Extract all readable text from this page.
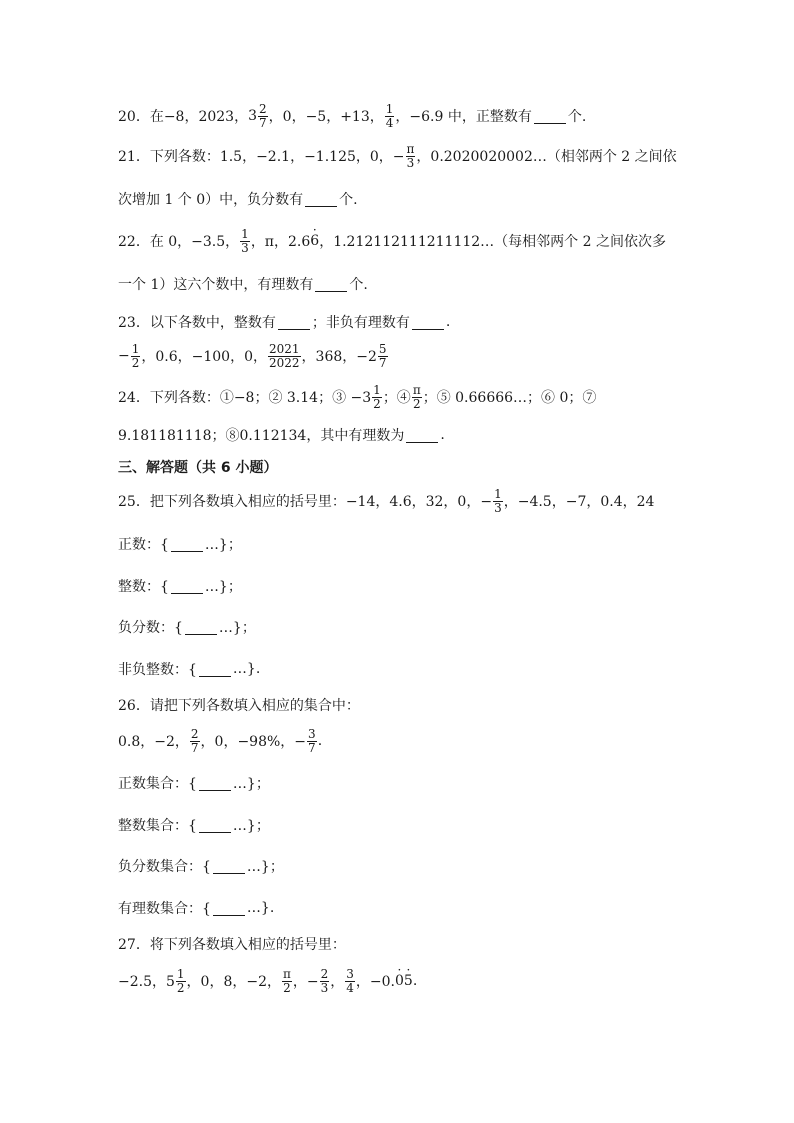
20．在−8，2023， $3 \frac{2}{7}$ ，0，−5，+13， $\frac{1}{4}$ ，−6.9 中，正整数有	个.
21．下列各数：1.5，−2.1，−1.125，0，− $\frac{\pi}{3}$ ，0.2020020002…（相邻两个 2 之间依
次增加 1 个 0）中，负分数有	个.
22．在 0，−3.5， $\frac{1}{3}$ ，π，2.6 · 6 ，1.212112111211112…（每相邻两个 2 之间依次多
一个 1）这六个数中，有理数有	个.
23．以下各数中，整数有	；非负有理数有	.
− $\frac{1}{2}$ ，0.6，−100，0， $\frac{2021}{2022}$ ，368，$-2 \frac{5}{7}$
24．下列各数：①−8；② 3.14；③ $-3 \frac{1}{2}$ ；④ $\frac{\pi}{2}$ ；⑤ 0.66666…；⑥ 0；⑦
9.181181118；⑧0.112134，其中有理数为	.
三、解答题（共 6 小题）
25．把下列各数填入相应的括号里：−14，4.6，32，0，− $\frac{1}{3}$ ，−4.5，−7，0.4，24
正数：{	…}；
整数：{	…}；
负分数：{	…}；
非负整数：{	…}.
26．请把下列各数填入相应的集合中：
0.8，−2， $\frac{2}{7}$ ，0，−98%，− $\frac{3}{7}$ .
正数集合：{	…}；
整数集合：{	…}；
负分数集合：{	…}；
有理数集合：{	…}.
27．将下列各数填入相应的括号里：
−2.5，$5 \frac{1}{2}$ ，0，8，−2， $\frac{\pi}{2}$ ，− $\frac{2}{3}$ ， $\frac{3}{4}$ ，−0. · 0 · 5 .
